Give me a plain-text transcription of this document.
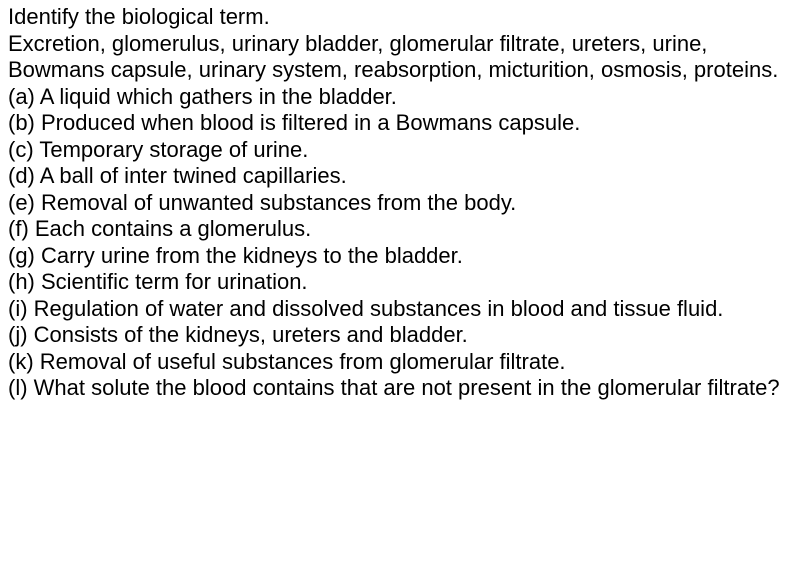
Identify the biological term.

Excretion, glomerulus, urinary bladder, glomerular filtrate, ureters, urine, Bowmans capsule, urinary system, reabsorption, micturition, osmosis, proteins.

(a) A liquid which gathers in the bladder.

(b) Produced when blood is filtered in a Bowmans capsule.

(c) Temporary storage of urine.

(d) A ball of inter twined capillaries.

(e) Removal of unwanted substances from the body.

(f) Each contains a glomerulus.

(g) Carry urine from the kidneys to the bladder.

(h) Scientific term for urination.

(i) Regulation of water and dissolved substances in blood and tissue fluid.

(j) Consists of the kidneys, ureters and bladder.

(k) Removal of useful substances from glomerular filtrate.

(l) What solute the blood contains that are not present in the glomerular filtrate?
